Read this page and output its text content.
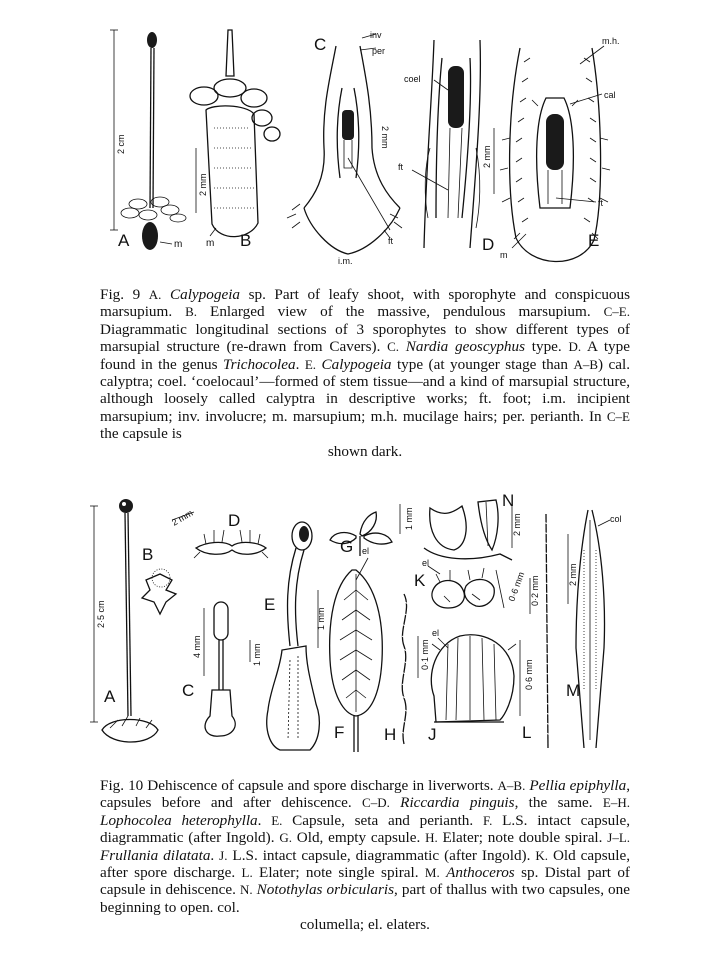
2 cm
m
A
2 mm
m B
inv
per
2 mm
ft
i.m.
C
coel
ft
D
m.h.
cal
ft
m
2 mm
E
Fig. 9 A. Calypogeia sp. Part of leafy shoot, with sporophyte and conspicuous marsupium. B. Enlarged view of the massive, pendulous marsupium. C–E. Diagrammatic longitudinal sections of 3 sporophytes to show different types of marsupial structure (re-drawn from Cavers). C. Nardia geoscyphus type. D. A type found in the genus Trichocolea. E. Calypogeia type (at younger stage than A–B) cal. calyptra; coel. ‘coelocaul’—formed of stem tissue—and a kind of marsupial structure, although loosely called calyptra in descriptive works; ft. foot; i.m. incipient marsupium; inv. involucre; m. marsupium; m.h. mucilage hairs; per. perianth. In C–E the capsule is
shown dark.
2·5 cm
A
2 mm
B
4 mm
C
D
1 mm
1 mm
E
el
F
1 mm
G
0·1 mm
H
2 mm
N
el
0·6 mm
K
el
0·6 mm
J
0·2 mm
L
col
2 mm
M
Fig. 10 Dehiscence of capsule and spore discharge in liverworts. A–B. Pellia epiphylla, capsules before and after dehiscence. C–D. Riccardia pinguis, the same. E–H. Lophocolea heterophylla. E. Capsule, seta and perianth. F. L.S. intact capsule, diagrammatic (after Ingold). G. Old, empty capsule. H. Elater; note double spiral. J–L. Frullania dilatata. J. L.S. intact capsule, diagrammatic (after Ingold). K. Old capsule, after spore discharge. L. Elater; note single spiral. M. Anthoceros sp. Distal part of capsule in dehiscence. N. Notothylas orbicularis, part of thallus with two capsules, one beginning to open. col.
columella; el. elaters.
